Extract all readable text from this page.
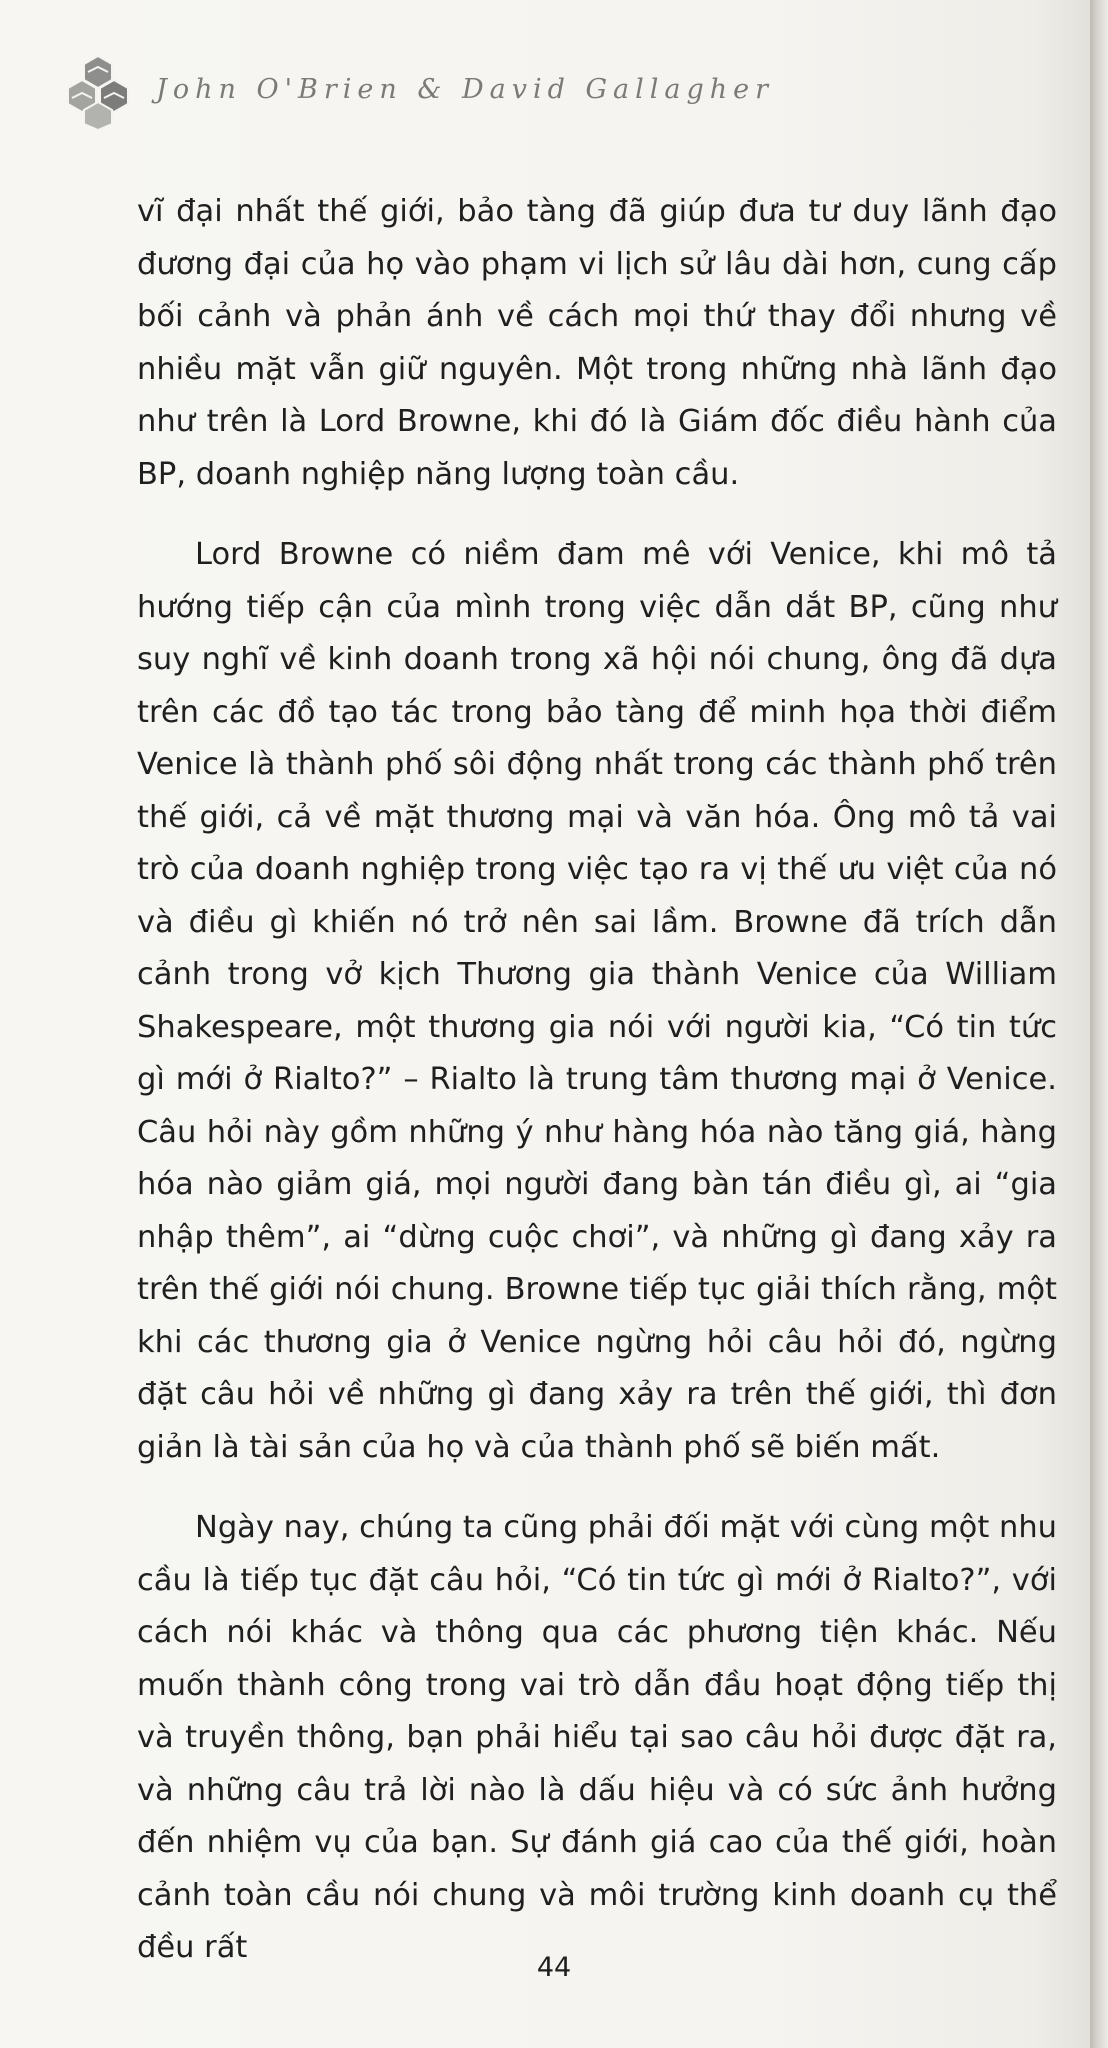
John O'Brien & David Gallagher

vĩ đại nhất thế giới, bảo tàng đã giúp đưa tư duy lãnh đạo đương đại của họ vào phạm vi lịch sử lâu dài hơn, cung cấp bối cảnh và phản ánh về cách mọi thứ thay đổi nhưng về nhiều mặt vẫn giữ nguyên. Một trong những nhà lãnh đạo như trên là Lord Browne, khi đó là Giám đốc điều hành của BP, doanh nghiệp năng lượng toàn cầu.

Lord Browne có niềm đam mê với Venice, khi mô tả hướng tiếp cận của mình trong việc dẫn dắt BP, cũng như suy nghĩ về kinh doanh trong xã hội nói chung, ông đã dựa trên các đồ tạo tác trong bảo tàng để minh họa thời điểm Venice là thành phố sôi động nhất trong các thành phố trên thế giới, cả về mặt thương mại và văn hóa. Ông mô tả vai trò của doanh nghiệp trong việc tạo ra vị thế ưu việt của nó và điều gì khiến nó trở nên sai lầm. Browne đã trích dẫn cảnh trong vở kịch Thương gia thành Venice của William Shakespeare, một thương gia nói với người kia, “Có tin tức gì mới ở Rialto?” – Rialto là trung tâm thương mại ở Venice. Câu hỏi này gồm những ý như hàng hóa nào tăng giá, hàng hóa nào giảm giá, mọi người đang bàn tán điều gì, ai “gia nhập thêm”, ai “dừng cuộc chơi”, và những gì đang xảy ra trên thế giới nói chung. Browne tiếp tục giải thích rằng, một khi các thương gia ở Venice ngừng hỏi câu hỏi đó, ngừng đặt câu hỏi về những gì đang xảy ra trên thế giới, thì đơn giản là tài sản của họ và của thành phố sẽ biến mất.

Ngày nay, chúng ta cũng phải đối mặt với cùng một nhu cầu là tiếp tục đặt câu hỏi, “Có tin tức gì mới ở Rialto?”, với cách nói khác và thông qua các phương tiện khác. Nếu muốn thành công trong vai trò dẫn đầu hoạt động tiếp thị và truyền thông, bạn phải hiểu tại sao câu hỏi được đặt ra, và những câu trả lời nào là dấu hiệu và có sức ảnh hưởng đến nhiệm vụ của bạn. Sự đánh giá cao của thế giới, hoàn cảnh toàn cầu nói chung và môi trường kinh doanh cụ thể đều rất

44
